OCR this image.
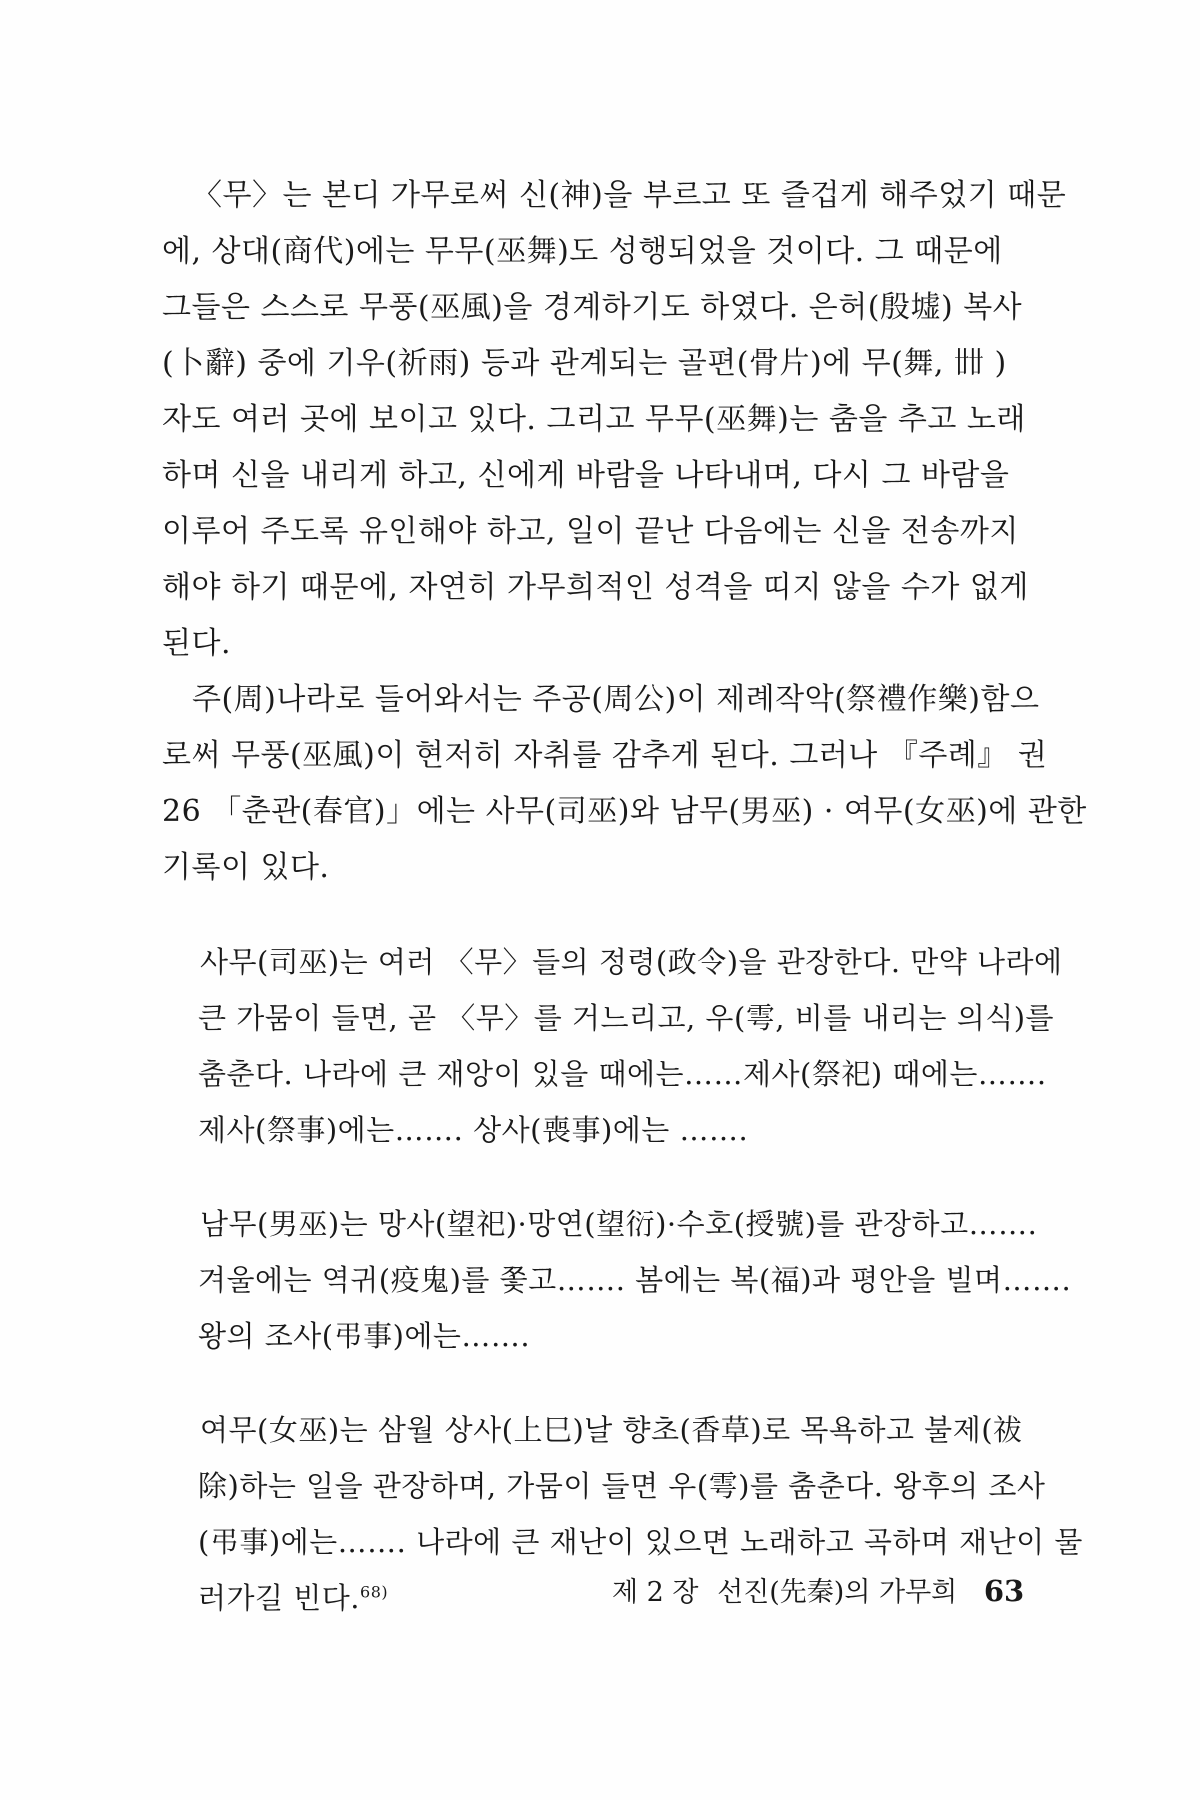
〈무〉는 본디 가무로써 신(神)을 부르고 또 즐겁게 해주었기 때문
에, 상대(商代)에는 무무(巫舞)도 성행되었을 것이다. 그 때문에
그들은 스스로 무풍(巫風)을 경계하기도 하였다. 은허(殷墟) 복사
(卜辭) 중에 기우(祈雨) 등과 관계되는 골편(骨片)에 무(舞, 𠦜 )
자도 여러 곳에 보이고 있다. 그리고 무무(巫舞)는 춤을 추고 노래
하며 신을 내리게 하고, 신에게 바람을 나타내며, 다시 그 바람을
이루어 주도록 유인해야 하고, 일이 끝난 다음에는 신을 전송까지
해야 하기 때문에, 자연히 가무희적인 성격을 띠지 않을 수가 없게
된다.
주(周)나라로 들어와서는 주공(周公)이 제례작악(祭禮作樂)함으
로써 무풍(巫風)이 현저히 자취를 감추게 된다. 그러나 『주례』 권
26 「춘관(春官)」에는 사무(司巫)와 남무(男巫) · 여무(女巫)에 관한
기록이 있다.
사무(司巫)는 여러 〈무〉들의 정령(政令)을 관장한다. 만약 나라에
큰 가뭄이 들면, 곧 〈무〉를 거느리고, 우(雩, 비를 내리는 의식)를
춤춘다. 나라에 큰 재앙이 있을 때에는……제사(祭祀) 때에는…….
제사(祭事)에는……. 상사(喪事)에는 …….
남무(男巫)는 망사(望祀)·망연(望衍)·수호(授號)를 관장하고…….
겨울에는 역귀(疫鬼)를 쫓고……. 봄에는 복(福)과 평안을 빌며…….
왕의 조사(弔事)에는…….
여무(女巫)는 삼월 상사(上巳)날 향초(香草)로 목욕하고 불제(祓
除)하는 일을 관장하며, 가뭄이 들면 우(雩)를 춤춘다. 왕후의 조사
(弔事)에는……. 나라에 큰 재난이 있으면 노래하고 곡하며 재난이 물
러가길 빈다.$^{68)}$	제 2 장 선진(先秦)의 가무희 63
